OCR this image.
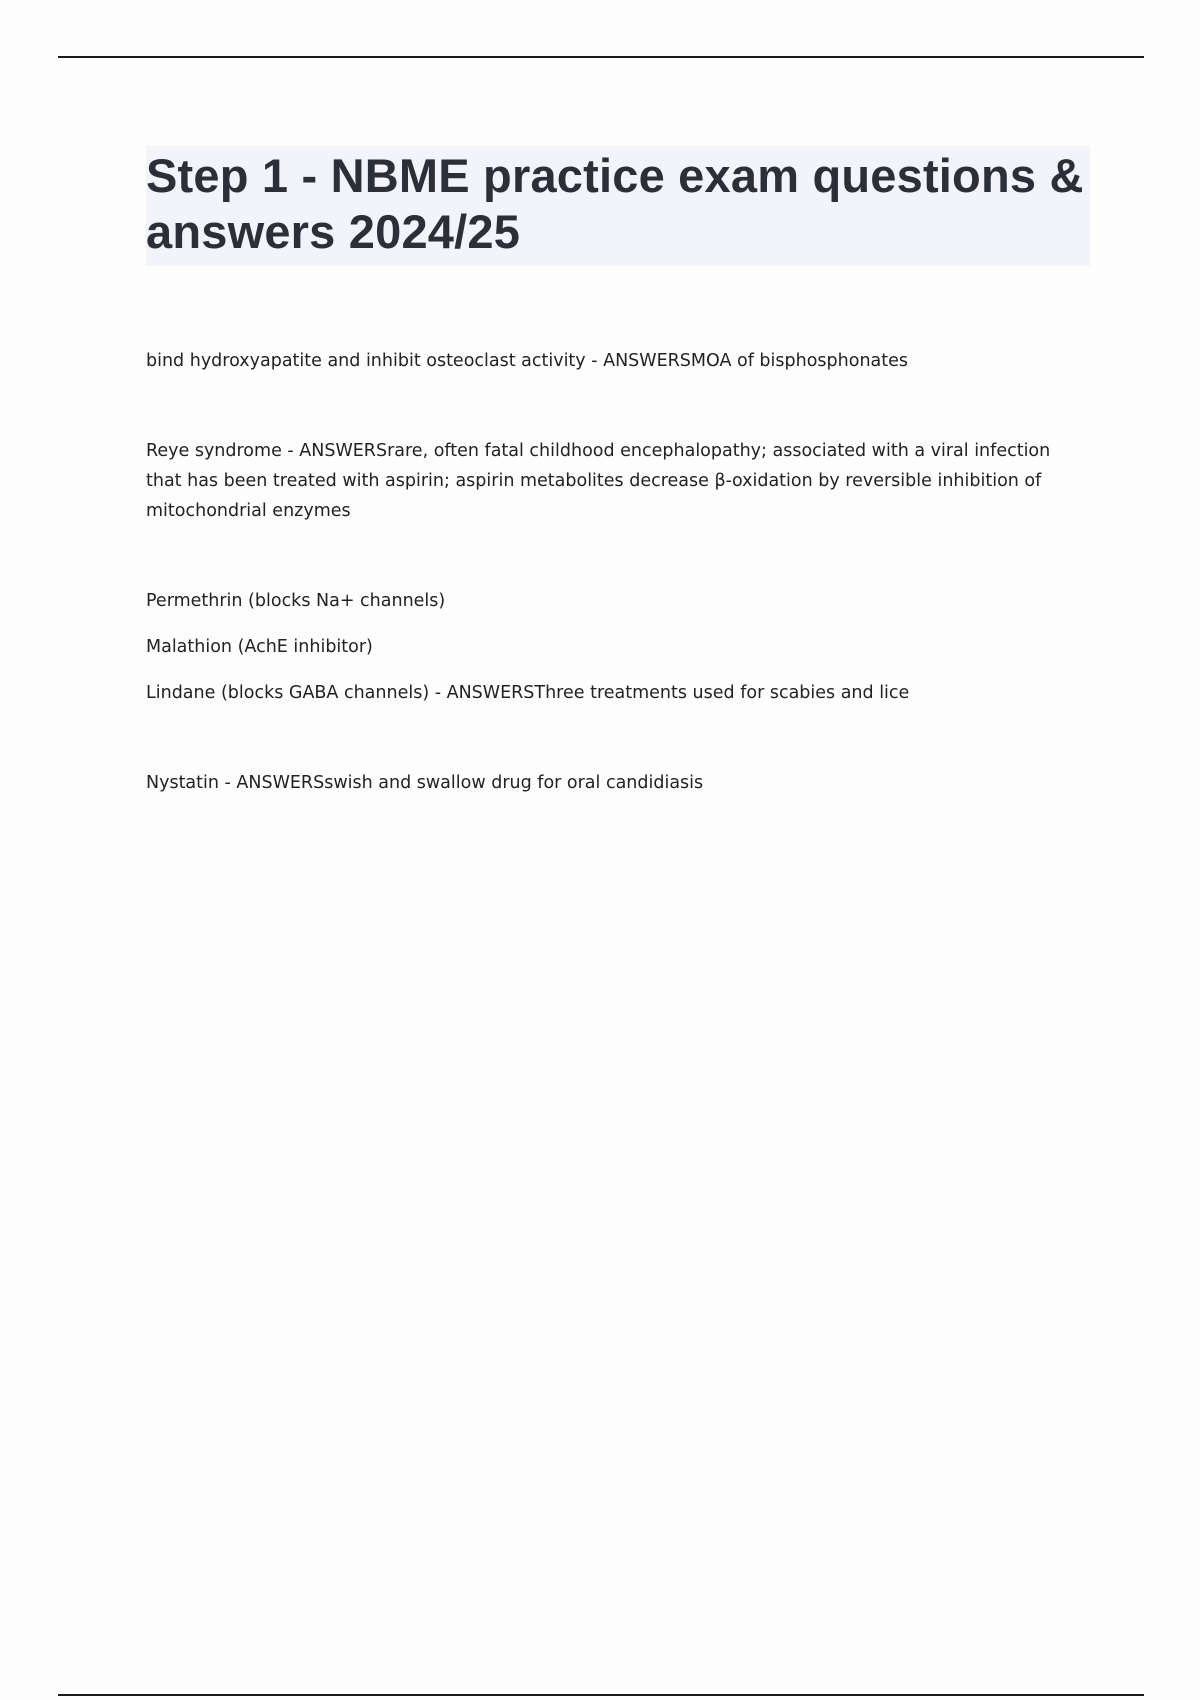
Step 1 - NBME practice exam questions & answers 2024/25

bind hydroxyapatite and inhibit osteoclast activity - ANSWERSMOA of bisphosphonates

Reye syndrome - ANSWERSrare, often fatal childhood encephalopathy; associated with a viral infection that has been treated with aspirin; aspirin metabolites decrease β-oxidation by reversible inhibition of mitochondrial enzymes

Permethrin (blocks Na+ channels)

Malathion (AchE inhibitor)

Lindane (blocks GABA channels) - ANSWERSThree treatments used for scabies and lice

Nystatin - ANSWERSswish and swallow drug for oral candidiasis
